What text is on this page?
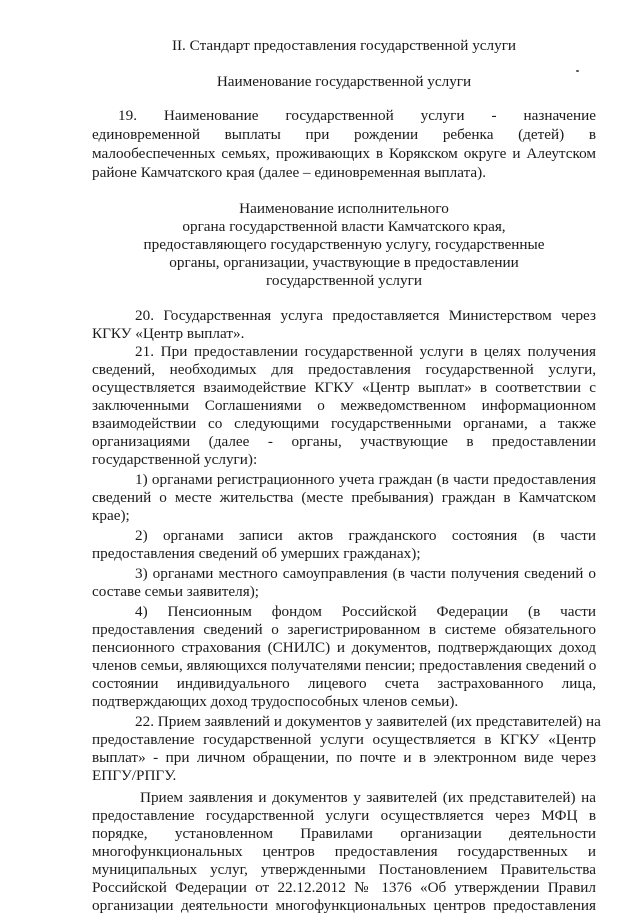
II. Стандарт предоставления государственной услуги
Наименование государственной услуги
19. Наименование государственной услуги - назначение
единовременной выплаты при рождении ребенка (детей) в
малообеспеченных семьях, проживающих в Корякском округе и Алеутском
районе Камчатского края (далее – единовременная выплата).
Наименование исполнительного
органа государственной власти Камчатского края,
предоставляющего государственную услугу, государственные
органы, организации, участвующие в предоставлении
государственной услуги
20. Государственная услуга предоставляется Министерством через
КГКУ «Центр выплат».
21. При предоставлении государственной услуги в целях получения
сведений, необходимых для предоставления государственной услуги,
осуществляется взаимодействие КГКУ «Центр выплат» в соответствии с
заключенными Соглашениями о межведомственном информационном
взаимодействии со следующими государственными органами, а также
организациями (далее - органы, участвующие в предоставлении
государственной услуги):
1) органами регистрационного учета граждан (в части предоставления
сведений о месте жительства (месте пребывания) граждан в Камчатском
крае);
2) органами записи актов гражданского состояния (в части
предоставления сведений об умерших гражданах);
3) органами местного самоуправления (в части получения сведений о
составе семьи заявителя);
4) Пенсионным фондом Российской Федерации (в части
предоставления сведений о зарегистрированном в системе обязательного
пенсионного страхования (СНИЛС) и документов, подтверждающих доход
членов семьи, являющихся получателями пенсии; предоставления сведений о
состоянии индивидуального лицевого счета застрахованного лица,
подтверждающих доход трудоспособных членов семьи).
22. Прием заявлений и документов у заявителей (их представителей) на
предоставление государственной услуги осуществляется в КГКУ «Центр
выплат» - при личном обращении, по почте и в электронном виде через
ЕПГУ/РПГУ.
Прием заявления и документов у заявителей (их представителей) на
предоставление государственной услуги осуществляется через МФЦ в
порядке, установленном Правилами организации деятельности
многофункциональных центров предоставления государственных и
муниципальных услуг, утвержденными Постановлением Правительства
Российской Федерации от 22.12.2012 № 1376 «Об утверждении Правил
организации деятельности многофункциональных центров предоставления
